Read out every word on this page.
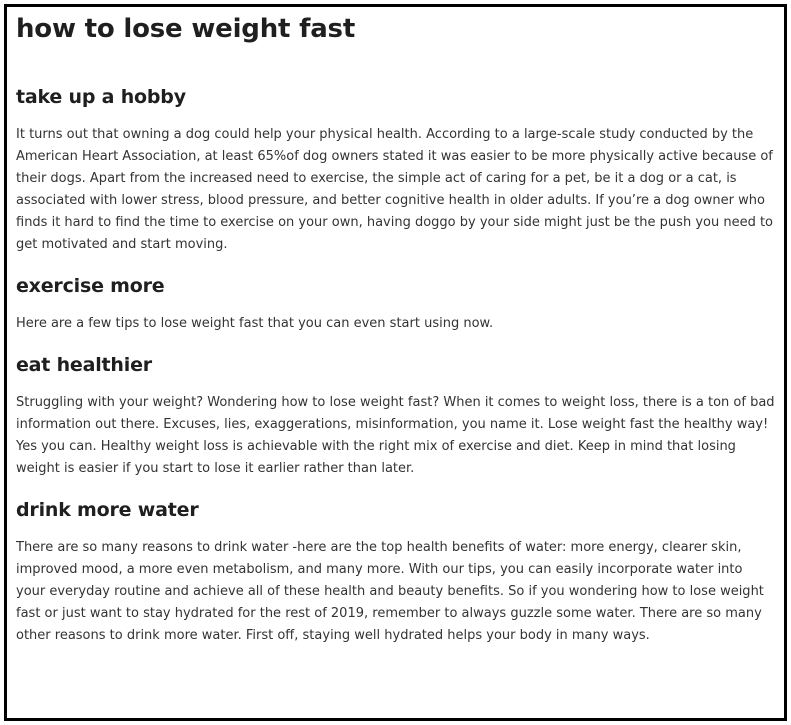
how to lose weight fast
take up a hobby

It turns out that owning a dog could help your physical health. According to a large-scale study conducted by the American Heart Association, at least 65%of dog owners stated it was easier to be more physically active because of their dogs. Apart from the increased need to exercise, the simple act of caring for a pet, be it a dog or a cat, is associated with lower stress, blood pressure, and better cognitive health in older adults. If you’re a dog owner who finds it hard to find the time to exercise on your own, having doggo by your side might just be the push you need to get motivated and start moving.

exercise more

Here are a few tips to lose weight fast that you can even start using now.

eat healthier

Struggling with your weight? Wondering how to lose weight fast? When it comes to weight loss, there is a ton of bad information out there. Excuses, lies, exaggerations, misinformation, you name it. Lose weight fast the healthy way! Yes you can. Healthy weight loss is achievable with the right mix of exercise and diet. Keep in mind that losing weight is easier if you start to lose it earlier rather than later.

drink more water

There are so many reasons to drink water -here are the top health benefits of water: more energy, clearer skin, improved mood, a more even metabolism, and many more. With our tips, you can easily incorporate water into your everyday routine and achieve all of these health and beauty benefits. So if you wondering how to lose weight fast or just want to stay hydrated for the rest of 2019, remember to always guzzle some water. There are so many other reasons to drink more water. First off, staying well hydrated helps your body in many ways.
